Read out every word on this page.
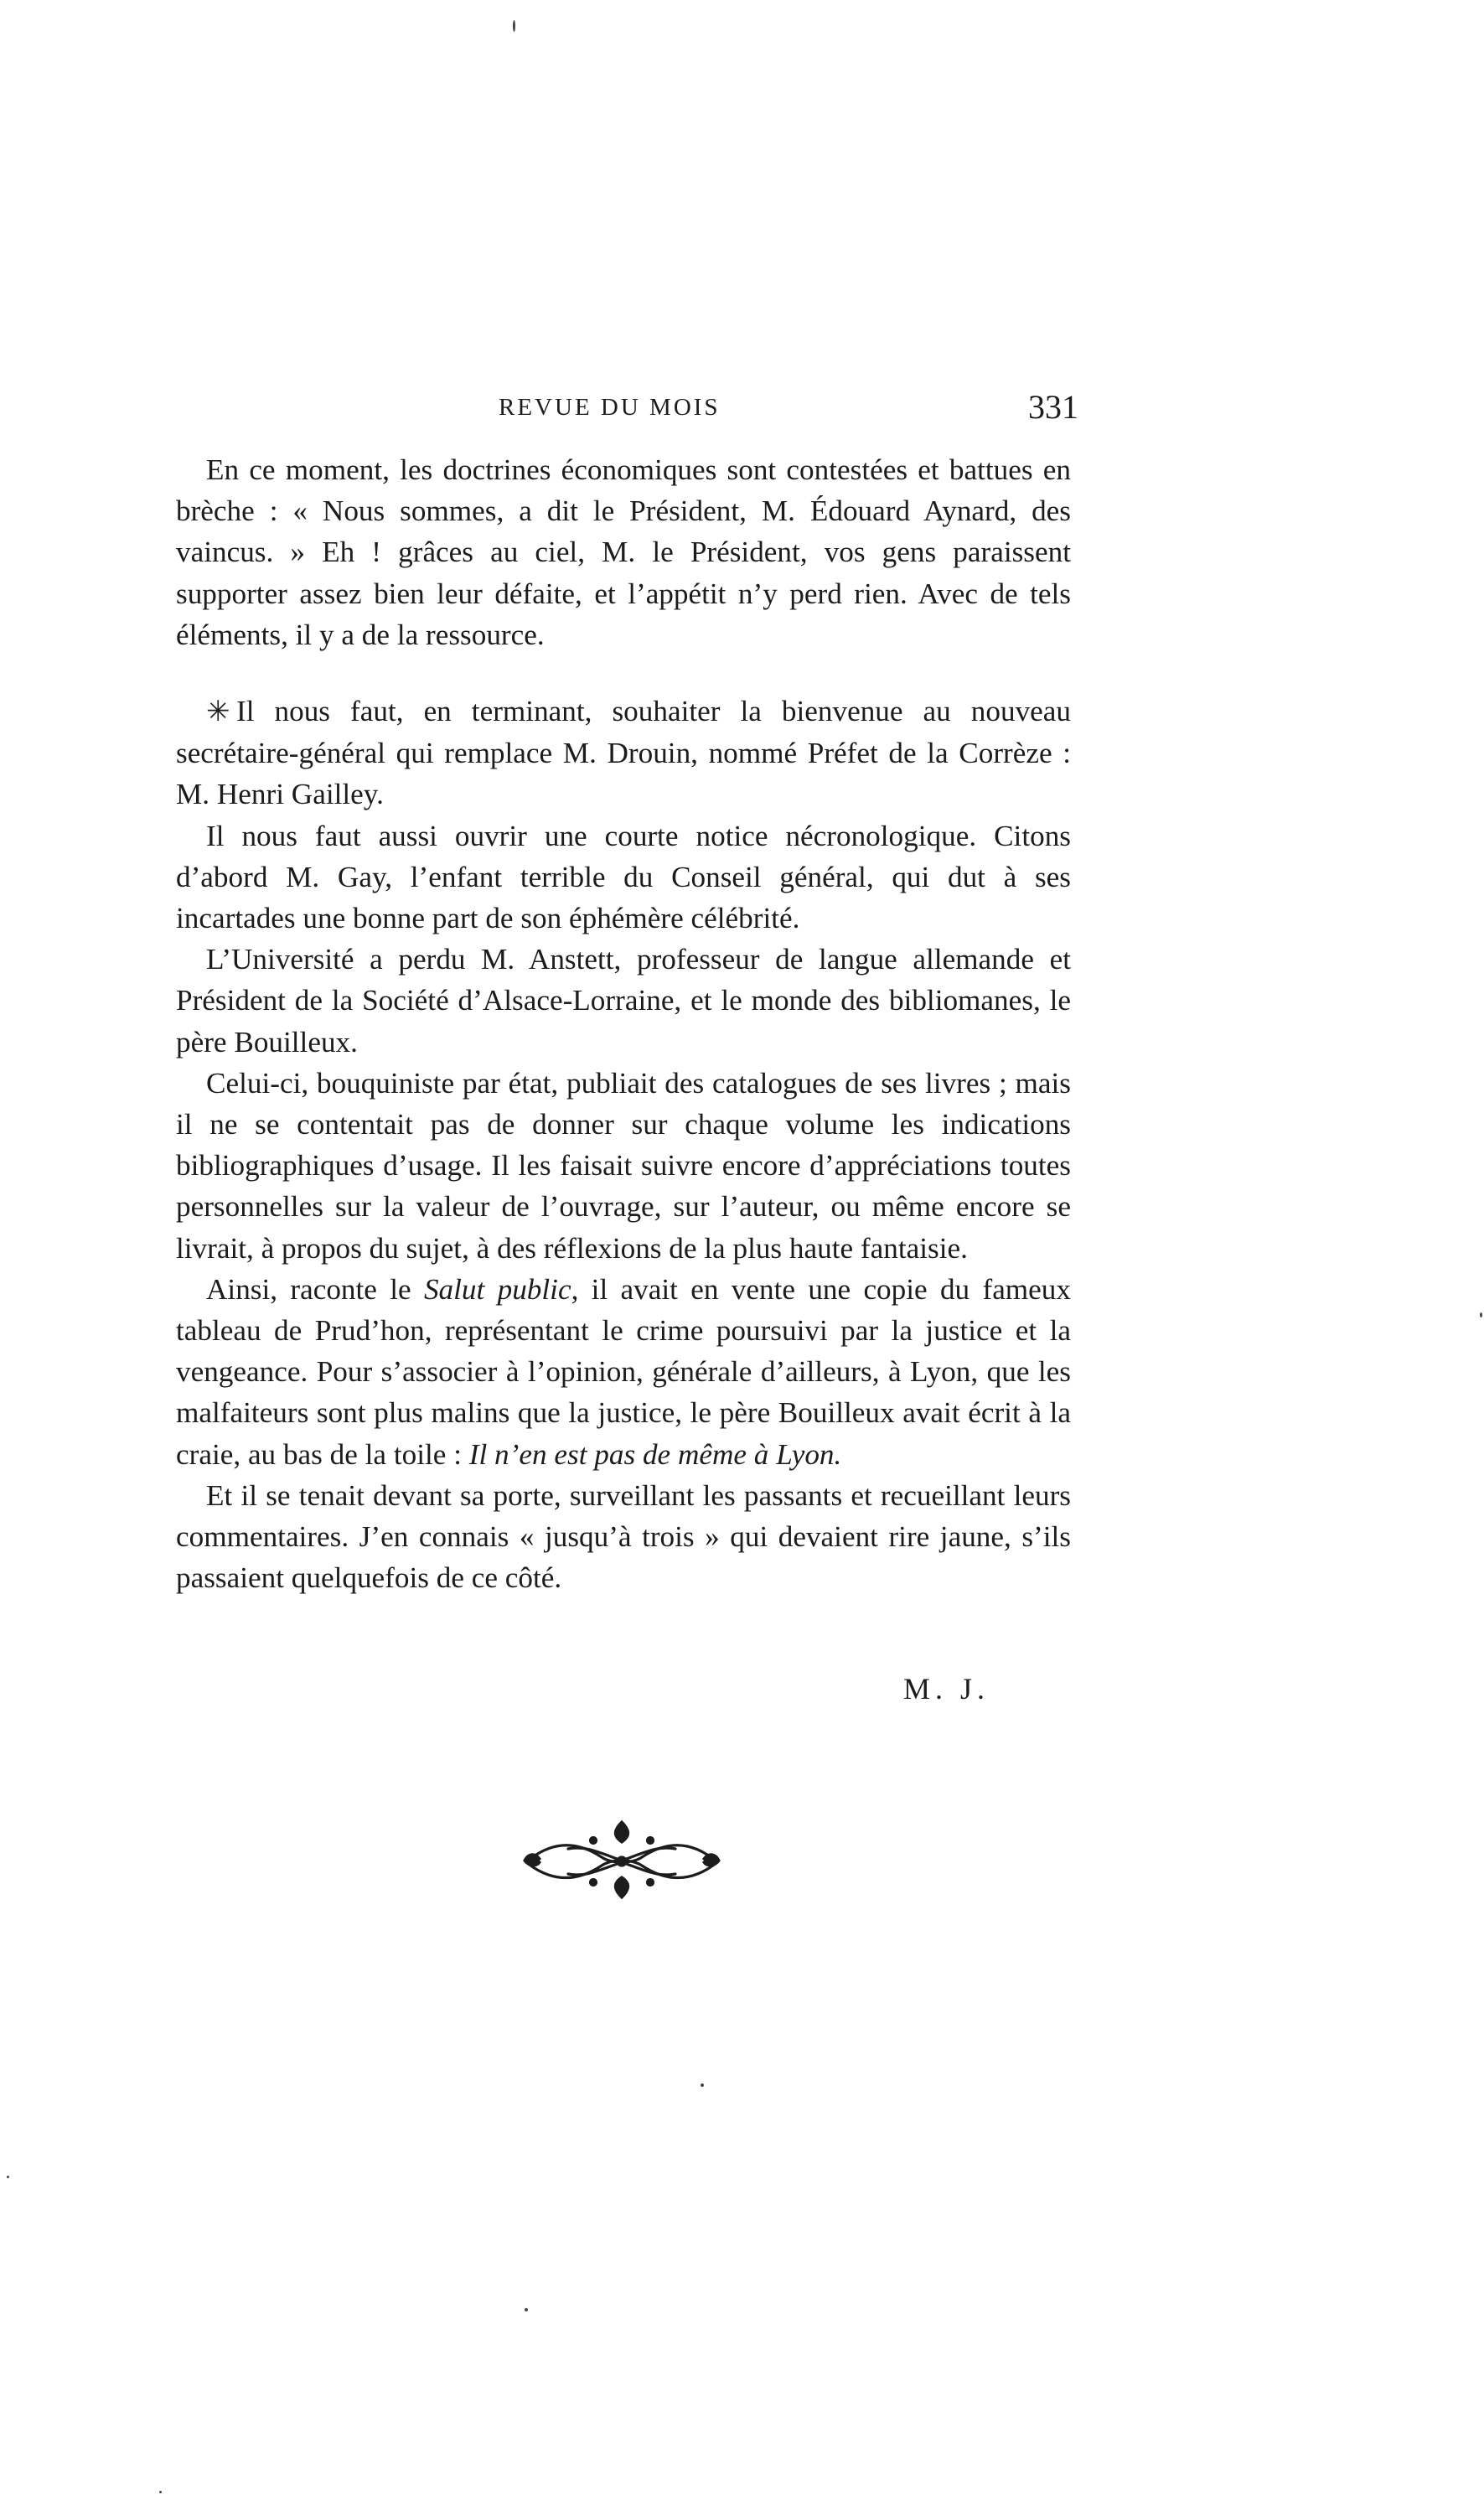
REVUE DU MOIS	331

En ce moment, les doctrines économiques sont contestées et battues en brèche : « Nous sommes, a dit le Président, M. Édouard Aynard, des vaincus. » Eh ! grâces au ciel, M. le Président, vos gens paraissent supporter assez bien leur défaite, et l’appétit n’y perd rien. Avec de tels éléments, il y a de la ressource.

✳ Il nous faut, en terminant, souhaiter la bienvenue au nouveau secrétaire-général qui remplace M. Drouin, nommé Préfet de la Corrèze : M. Henri Gailley.

Il nous faut aussi ouvrir une courte notice nécronologique. Citons d’abord M. Gay, l’enfant terrible du Conseil général, qui dut à ses incartades une bonne part de son éphémère célébrité.

L’Université a perdu M. Anstett, professeur de langue allemande et Président de la Société d’Alsace-Lorraine, et le monde des bibliomanes, le père Bouilleux.

Celui-ci, bouquiniste par état, publiait des catalogues de ses livres ; mais il ne se contentait pas de donner sur chaque volume les indications bibliographiques d’usage. Il les faisait suivre encore d’appréciations toutes personnelles sur la valeur de l’ouvrage, sur l’auteur, ou même encore se livrait, à propos du sujet, à des réflexions de la plus haute fantaisie.

Ainsi, raconte le Salut public, il avait en vente une copie du fameux tableau de Prud’hon, représentant le crime poursuivi par la justice et la vengeance. Pour s’associer à l’opinion, générale d’ailleurs, à Lyon, que les malfaiteurs sont plus malins que la justice, le père Bouilleux avait écrit à la craie, au bas de la toile : Il n’en est pas de même à Lyon.

Et il se tenait devant sa porte, surveillant les passants et recueillant leurs commentaires. J’en connais « jusqu’à trois » qui devaient rire jaune, s’ils passaient quelquefois de ce côté.

M. J.
